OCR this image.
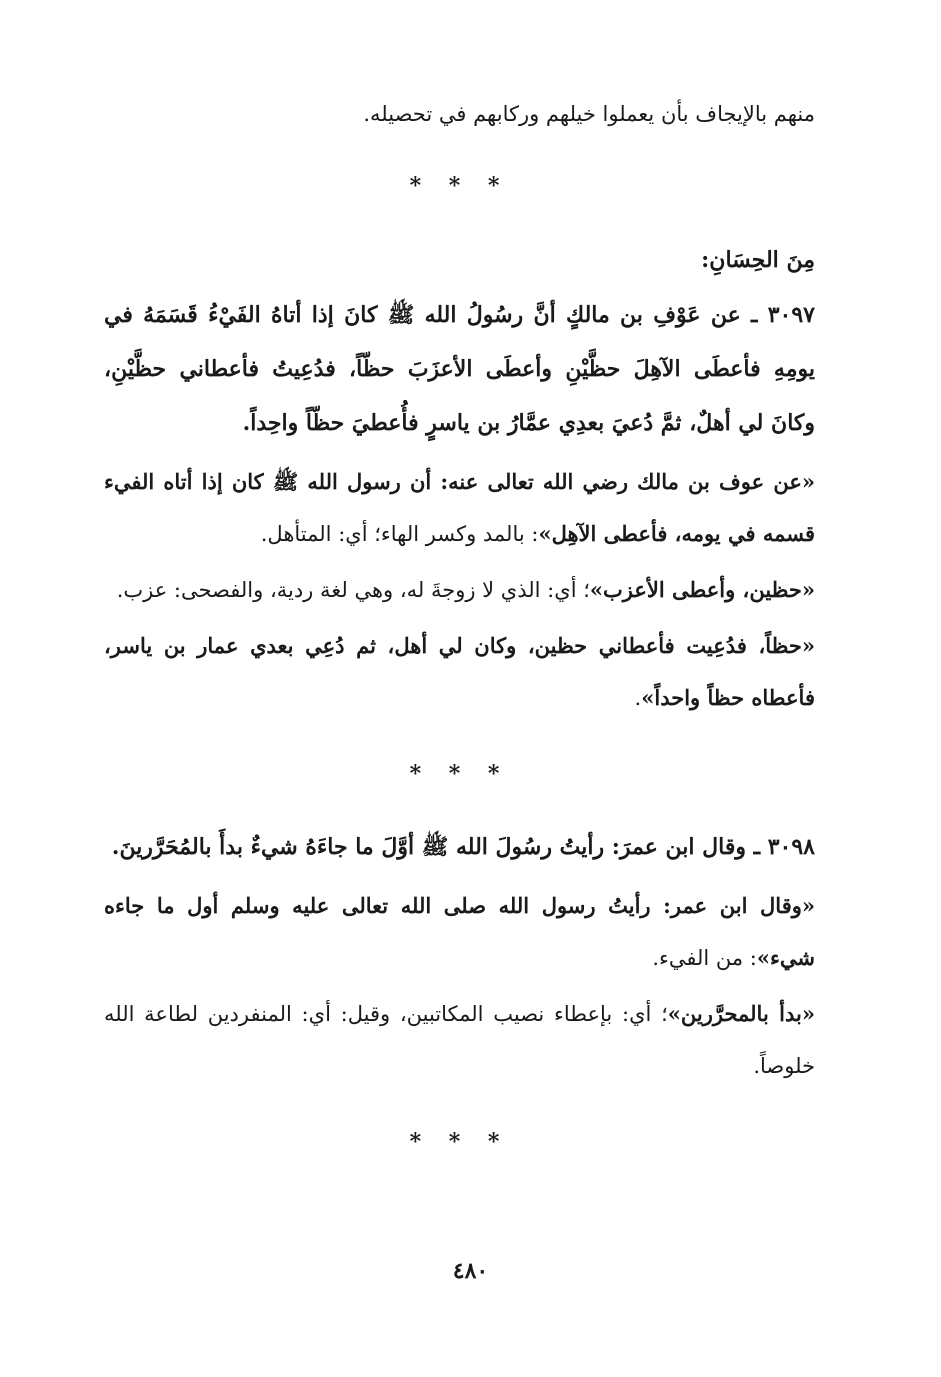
منهم بالإيجاف بأن يعملوا خيلهم وركابهم في تحصيله.

* * *

مِنَ الحِسَانِ:

٣٠٩٧ ـ عن عَوْفِ بن مالكٍ أنَّ رسُولُ الله ﷺ كانَ إذا أتاهُ الفَيْءُ قَسَمَهُ في يومِهِ فأعطَى الآهِلَ حظَّيْنِ وأعطَى الأعزَبَ حظّاً، فدُعِيتُ فأعطاني حظَّيْنِ، وكانَ لي أهلٌ، ثمَّ دُعيَ بعدِي عمَّارُ بن ياسرٍ فأُعطيَ حظّاً واحِداً.

«عن عوف بن مالك رضي الله تعالى عنه: أن رسول الله ﷺ كان إذا أتاه الفيء قسمه في يومه، فأعطى الآهِل»: بالمد وكسر الهاء؛ أي: المتأهل.

«حظين، وأعطى الأعزب»؛ أي: الذي لا زوجةَ له، وهي لغة ردية، والفصحى: عزب.

«حظاً، فدُعِيت فأعطاني حظين، وكان لي أهل، ثم دُعِي بعدي عمار بن ياسر، فأعطاه حظاً واحداً».

* * *

٣٠٩٨ ـ وقال ابن عمرَ: رأيتُ رسُولَ الله ﷺ أوَّلَ ما جاءَهُ شيءٌ بدأَ بالمُحَرَّرينَ.

«وقال ابن عمر: رأيتُ رسول الله صلى الله تعالى عليه وسلم أول ما جاءه شيء»: من الفيء.

«بدأ بالمحرَّرين»؛ أي: بإعطاء نصيب المكاتبين، وقيل: أي: المنفردين لطاعة الله خلوصاً.

* * *
٤٨٠
